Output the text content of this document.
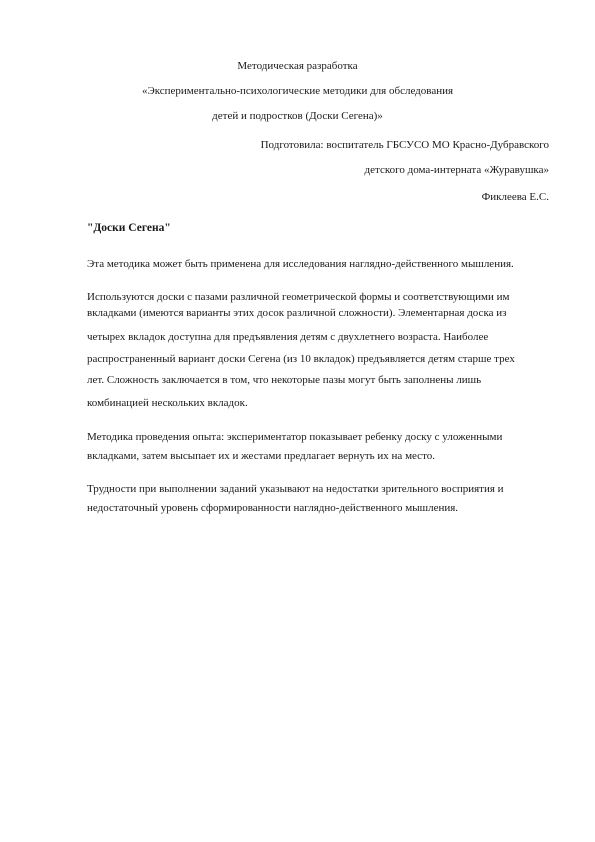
Методическая разработка
«Экспериментально-психологические методики для обследования
детей и подростков (Доски Сегена)»
Подготовила: воспитатель ГБСУСО МО Красно-Дубравского
детского дома-интерната «Журавушка»
Фиклеева Е.С.
"Доски Сегена"
Эта методика может быть применена для исследования наглядно-действенного мышления.
Используются доски с пазами различной геометрической формы и соответствующими им
вкладками (имеются варианты этих досок различной сложности). Элементарная доска из
четырех вкладок доступна для предъявления детям с двухлетнего возраста. Наиболее
распространенный вариант доски Сегена (из 10 вкладок) предъявляется детям старше трех
лет. Сложность заключается в том, что некоторые пазы могут быть заполнены лишь
комбинацией нескольких вкладок.
Методика проведения опыта: экспериментатор показывает ребенку доску с уложенными
вкладками, затем высыпает их и жестами предлагает вернуть их на место.
Трудности при выполнении заданий указывают на недостатки зрительного восприятия и
недостаточный уровень сформированности наглядно-действенного мышления.
